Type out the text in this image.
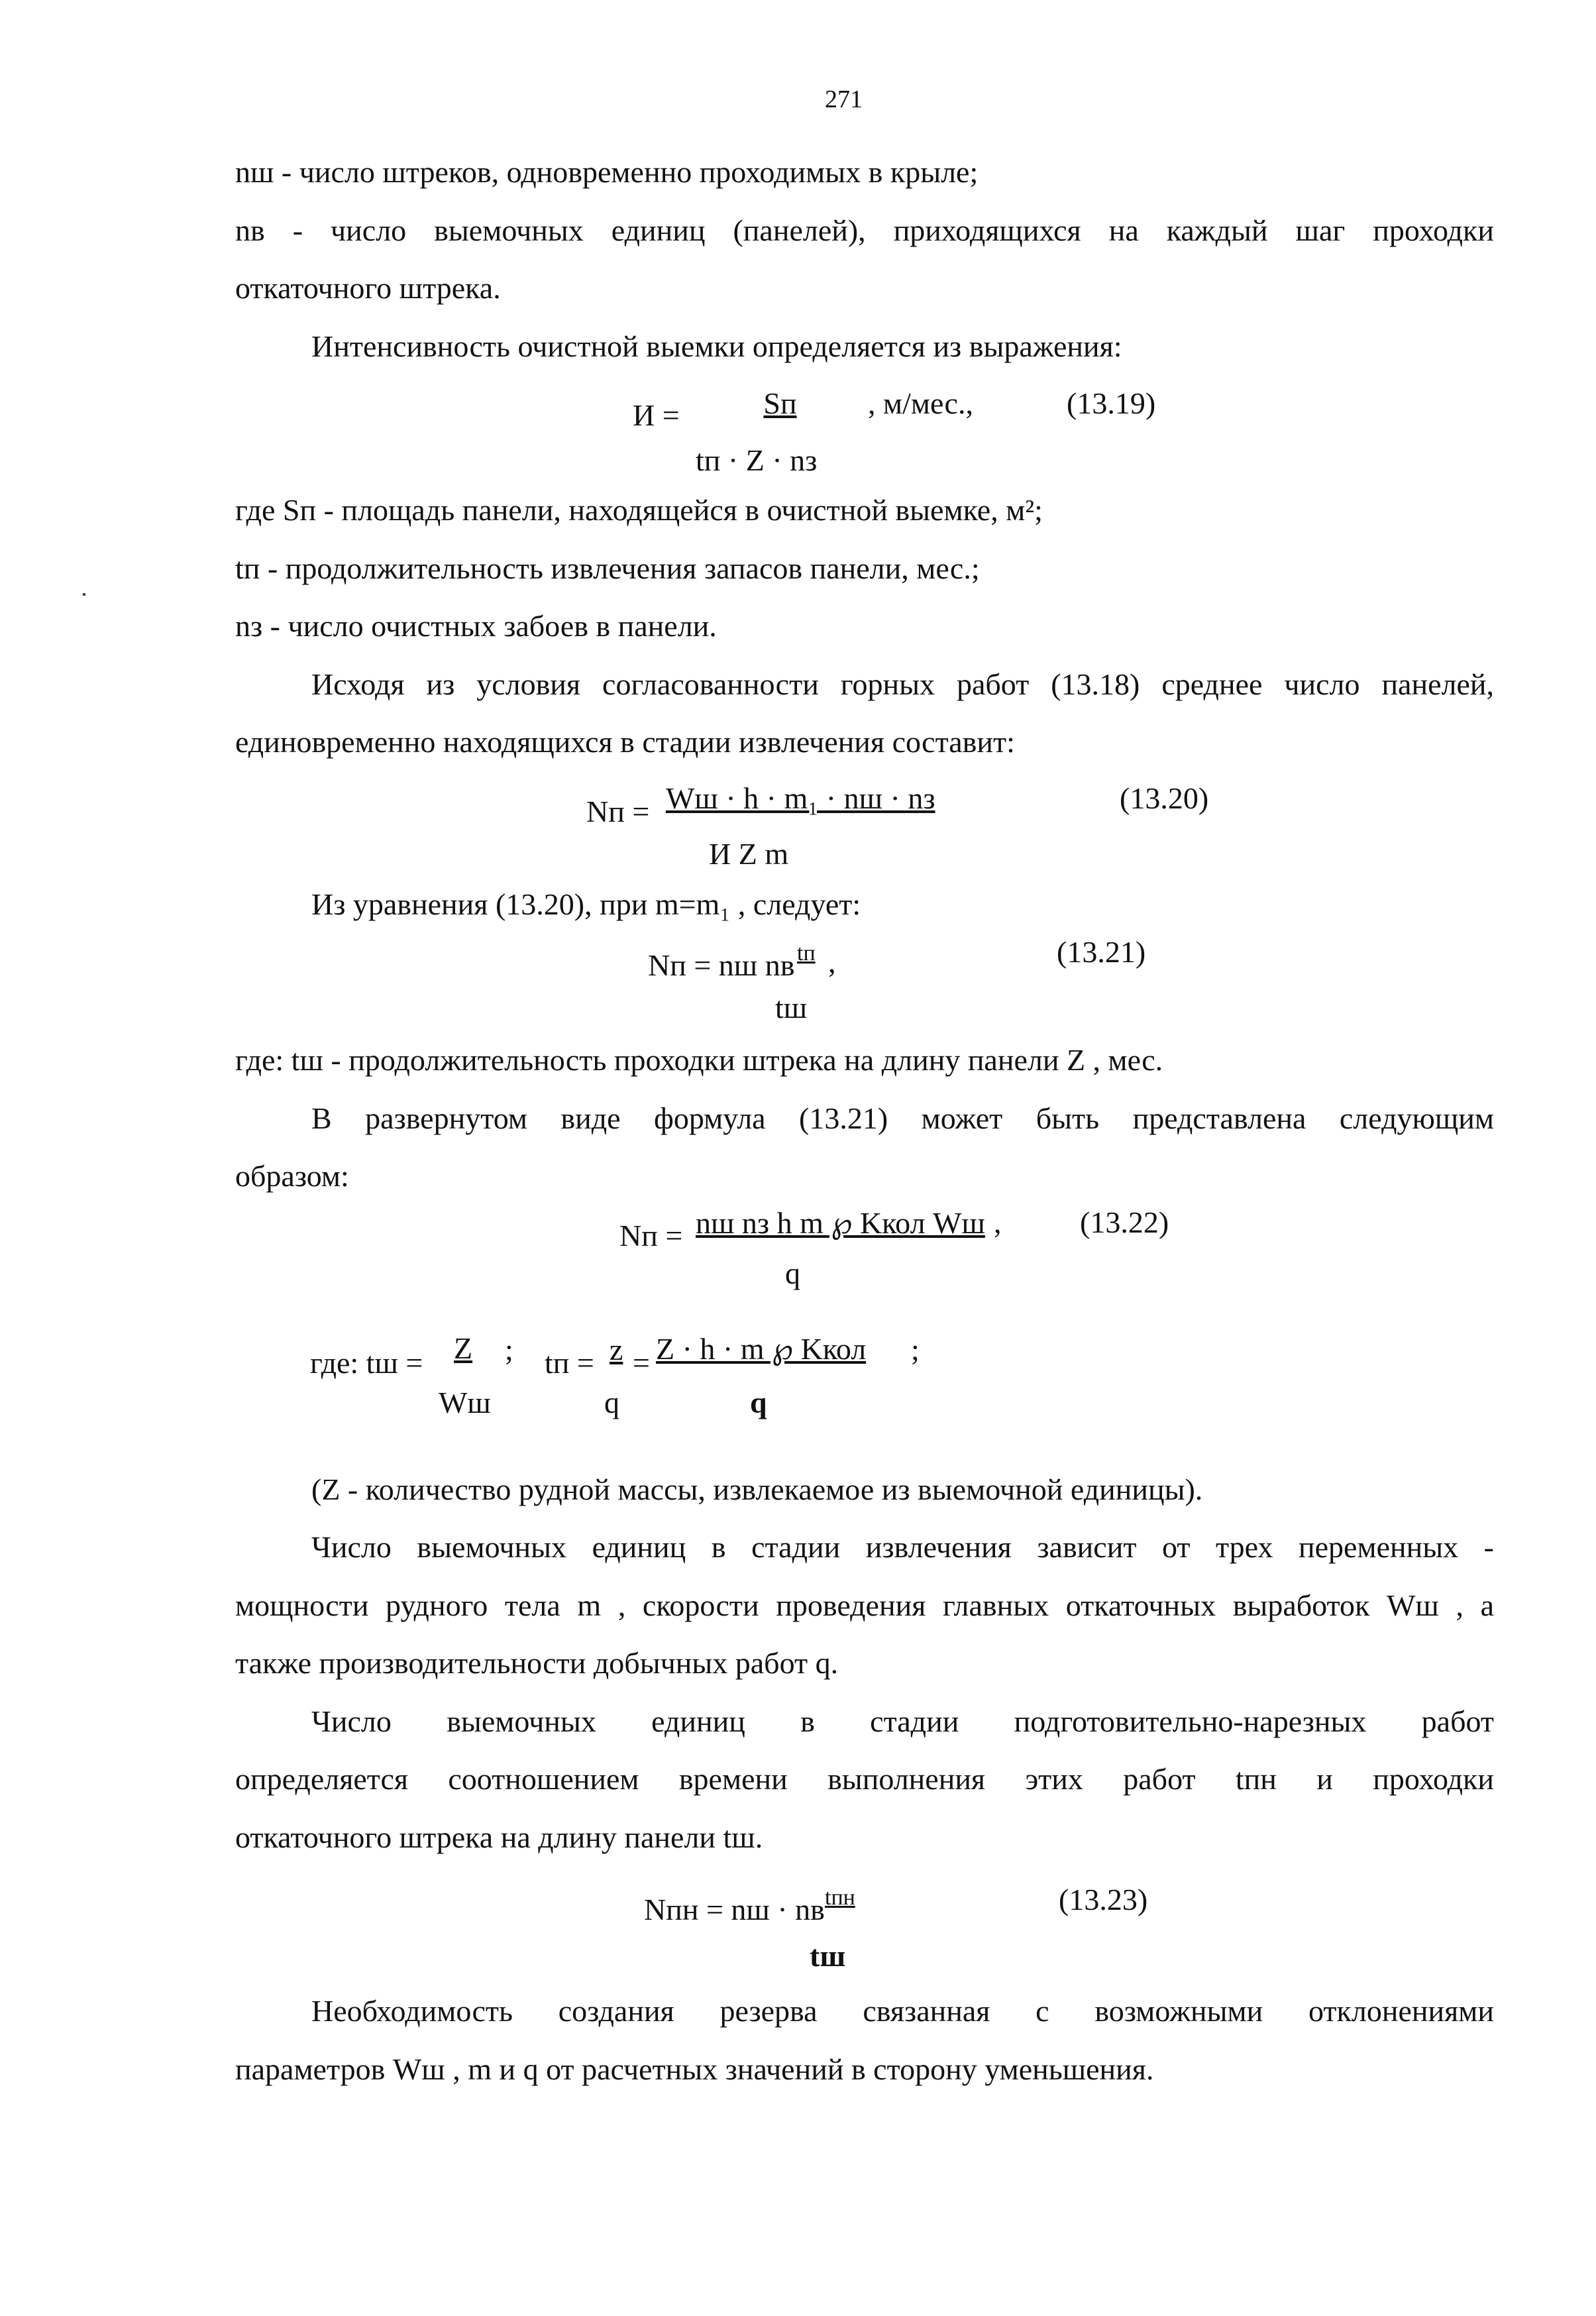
271
nш - число штреков, одновременно проходимых в крыле;
nв - число выемочных единиц (панелей), приходящихся на каждый шаг проходки
откаточного штрека.
Интенсивность очистной выемки определяется из выражения:
И =	Sп
tп · Z · nз
, м/мес.,	(13.19)
где Sп - площадь панели, находящейся в очистной выемке, м²;
tп - продолжительность извлечения запасов панели, мес.;
nз - число очистных забоев в панели.
Исходя из условия согласованности горных работ (13.18) среднее число панелей,
единовременно находящихся в стадии извлечения составит:
Nп = Wш · h · m₁ · nш · nз
И Z m
(13.20)
Из уравнения (13.20), при m=m₁ , следует:
Nп = nш nв tп ,
tш
(13.21)
где: tш - продолжительность проходки штрека на длину панели Z , мес.
В развернутом виде формула (13.21) может быть представлена следующим
образом:
Nп = nш nз h m ℘ Kкол Wш ,
q
(13.22)
где: tш = Z
Wш
; tп = z
q
= Z · h · m ℘ Kкол
q
;
(Z - количество рудной массы, извлекаемое из выемочной единицы).
Число выемочных единиц в стадии извлечения зависит от трех переменных -
мощности рудного тела m , скорости проведения главных откаточных выработок Wш , а
также производительности добычных работ q.
Число выемочных единиц в стадии подготовительно-нарезных работ
определяется соотношением времени выполнения этих работ tпн и проходки
откаточного штрека на длину панели tш.
Nпн = nш · nв tпн
tш
(13.23)
Необходимость создания резерва связанная с возможными отклонениями
параметров Wш , m и q от расчетных значений в сторону уменьшения.
